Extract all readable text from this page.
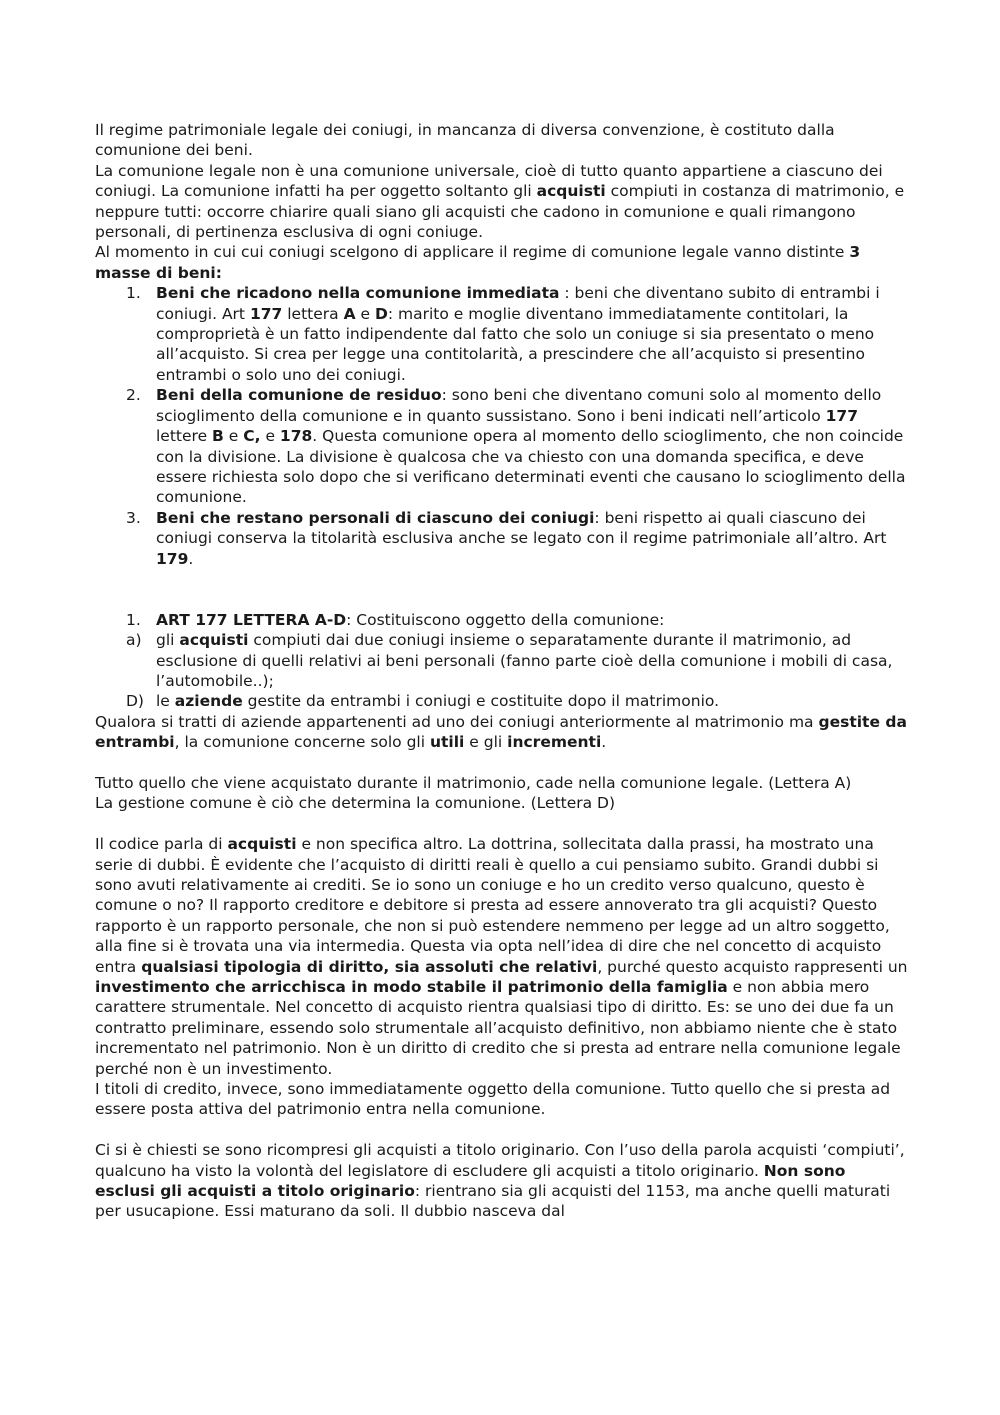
Il regime patrimoniale legale dei coniugi, in mancanza di diversa convenzione, è costituto dalla comunione dei beni.

La comunione legale non è una comunione universale, cioè di tutto quanto appartiene a ciascuno dei coniugi. La comunione infatti ha per oggetto soltanto gli acquisti compiuti in costanza di matrimonio, e neppure tutti: occorre chiarire quali siano gli acquisti che cadono in comunione e quali rimangono personali, di pertinenza esclusiva di ogni coniuge.

Al momento in cui cui coniugi scelgono di applicare il regime di comunione legale vanno distinte 3 masse di beni:

1. Beni che ricadono nella comunione immediata : beni che diventano subito di entrambi i coniugi. Art 177 lettera A e D: marito e moglie diventano immediatamente contitolari, la comproprietà è un fatto indipendente dal fatto che solo un coniuge si sia presentato o meno all’acquisto. Si crea per legge una contitolarità, a prescindere che all’acquisto si presentino entrambi o solo uno dei coniugi.
2. Beni della comunione de residuo: sono beni che diventano comuni solo al momento dello scioglimento della comunione e in quanto sussistano. Sono i beni indicati nell’articolo 177 lettere B e C, e 178. Questa comunione opera al momento dello scioglimento, che non coincide con la divisione. La divisione è qualcosa che va chiesto con una domanda specifica, e deve essere richiesta solo dopo che si verificano determinati eventi che causano lo scioglimento della comunione.
3. Beni che restano personali di ciascuno dei coniugi: beni rispetto ai quali ciascuno dei coniugi conserva la titolarità esclusiva anche se legato con il regime patrimoniale all’altro. Art 179.
1. ART 177 LETTERA A-D: Costituiscono oggetto della comunione:
a) gli acquisti compiuti dai due coniugi insieme o separatamente durante il matrimonio, ad esclusione di quelli relativi ai beni personali (fanno parte cioè della comunione i mobili di casa, l’automobile..);
D) le aziende gestite da entrambi i coniugi e costituite dopo il matrimonio.

Qualora si tratti di aziende appartenenti ad uno dei coniugi anteriormente al matrimonio ma gestite da entrambi, la comunione concerne solo gli utili e gli incrementi.

Tutto quello che viene acquistato durante il matrimonio, cade nella comunione legale. (Lettera A)

La gestione comune è ciò che determina la comunione. (Lettera D)

Il codice parla di acquisti e non specifica altro. La dottrina, sollecitata dalla prassi, ha mostrato una serie di dubbi. È evidente che l’acquisto di diritti reali è quello a cui pensiamo subito. Grandi dubbi si sono avuti relativamente ai crediti. Se io sono un coniuge e ho un credito verso qualcuno, questo è comune o no? Il rapporto creditore e debitore si presta ad essere annoverato tra gli acquisti? Questo rapporto è un rapporto personale, che non si può estendere nemmeno per legge ad un altro soggetto, alla fine si è trovata una via intermedia. Questa via opta nell’idea di dire che nel concetto di acquisto entra qualsiasi tipologia di diritto, sia assoluti che relativi, purché questo acquisto rappresenti un investimento che arricchisca in modo stabile il patrimonio della famiglia e non abbia mero carattere strumentale. Nel concetto di acquisto rientra qualsiasi tipo di diritto. Es: se uno dei due fa un contratto preliminare, essendo solo strumentale all’acquisto definitivo, non abbiamo niente che è stato incrementato nel patrimonio. Non è un diritto di credito che si presta ad entrare nella comunione legale perché non è un investimento.

I titoli di credito, invece, sono immediatamente oggetto della comunione. Tutto quello che si presta ad essere posta attiva del patrimonio entra nella comunione.

Ci si è chiesti se sono ricompresi gli acquisti a titolo originario. Con l’uso della parola acquisti ‘compiuti’, qualcuno ha visto la volontà del legislatore di escludere gli acquisti a titolo originario. Non sono esclusi gli acquisti a titolo originario: rientrano sia gli acquisti del 1153, ma anche quelli maturati per usucapione. Essi maturano da soli. Il dubbio nasceva dal
